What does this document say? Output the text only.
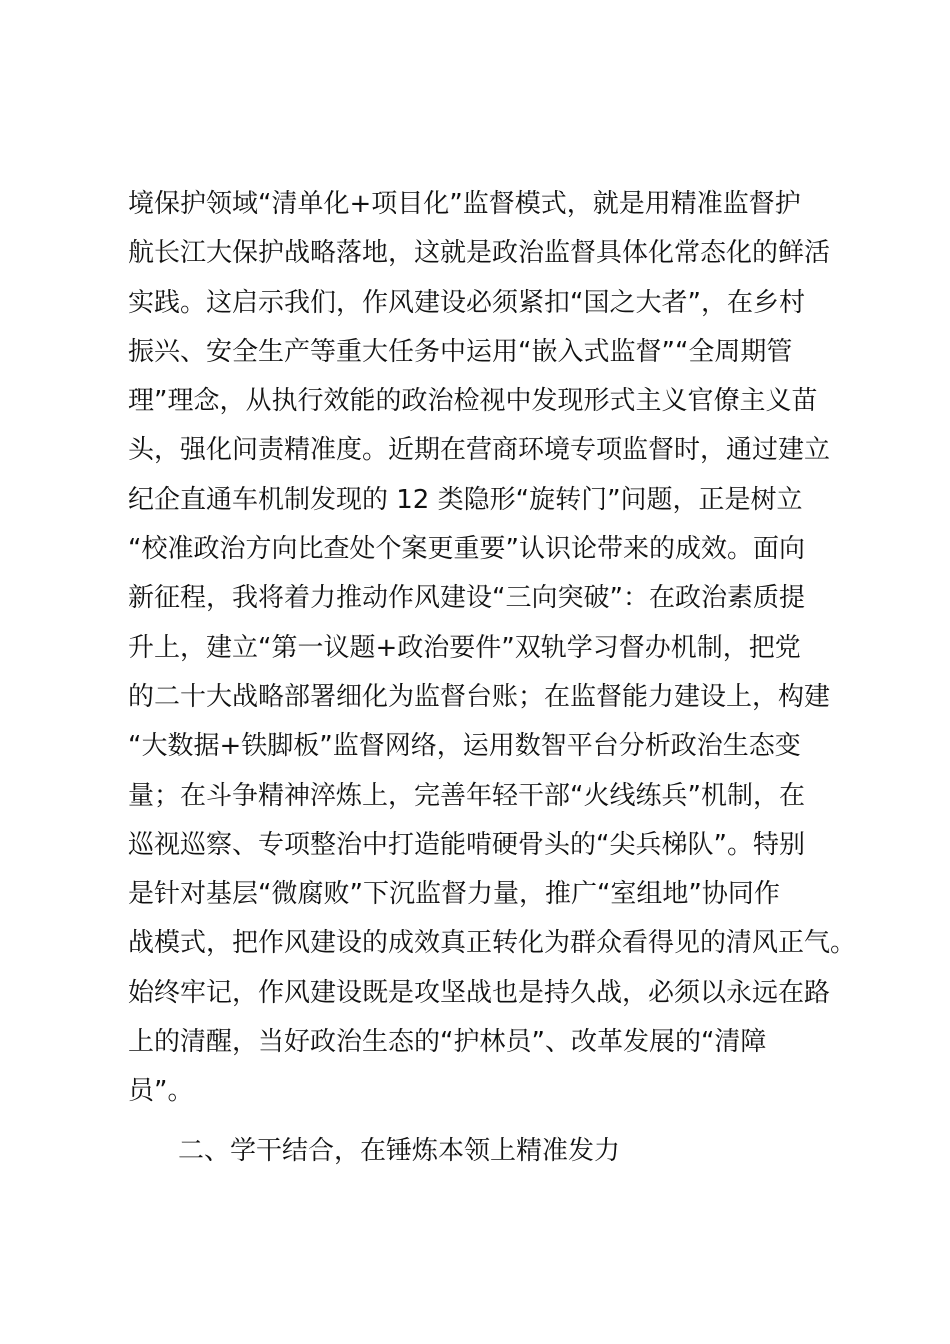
境保护领域“清单化+项目化”监督模式，就是用精准监督护
航长江大保护战略落地，这就是政治监督具体化常态化的鲜活
实践。这启示我们，作风建设必须紧扣“国之大者”，在乡村
振兴、安全生产等重大任务中运用“嵌入式监督”“全周期管
理”理念，从执行效能的政治检视中发现形式主义官僚主义苗
头，强化问责精准度。近期在营商环境专项监督时，通过建立
纪企直通车机制发现的 12 类隐形“旋转门”问题，正是树立
“校准政治方向比查处个案更重要”认识论带来的成效。面向
新征程，我将着力推动作风建设“三向突破”：在政治素质提
升上，建立“第一议题+政治要件”双轨学习督办机制，把党
的二十大战略部署细化为监督台账；在监督能力建设上，构建
“大数据+铁脚板”监督网络，运用数智平台分析政治生态变
量；在斗争精神淬炼上，完善年轻干部“火线练兵”机制，在
巡视巡察、专项整治中打造能啃硬骨头的“尖兵梯队”。特别
是针对基层“微腐败”下沉监督力量，推广“室组地”协同作
战模式，把作风建设的成效真正转化为群众看得见的清风正气。
始终牢记，作风建设既是攻坚战也是持久战，必须以永远在路
上的清醒，当好政治生态的“护林员”、改革发展的“清障
员”。

二、学干结合，在锤炼本领上精准发力
